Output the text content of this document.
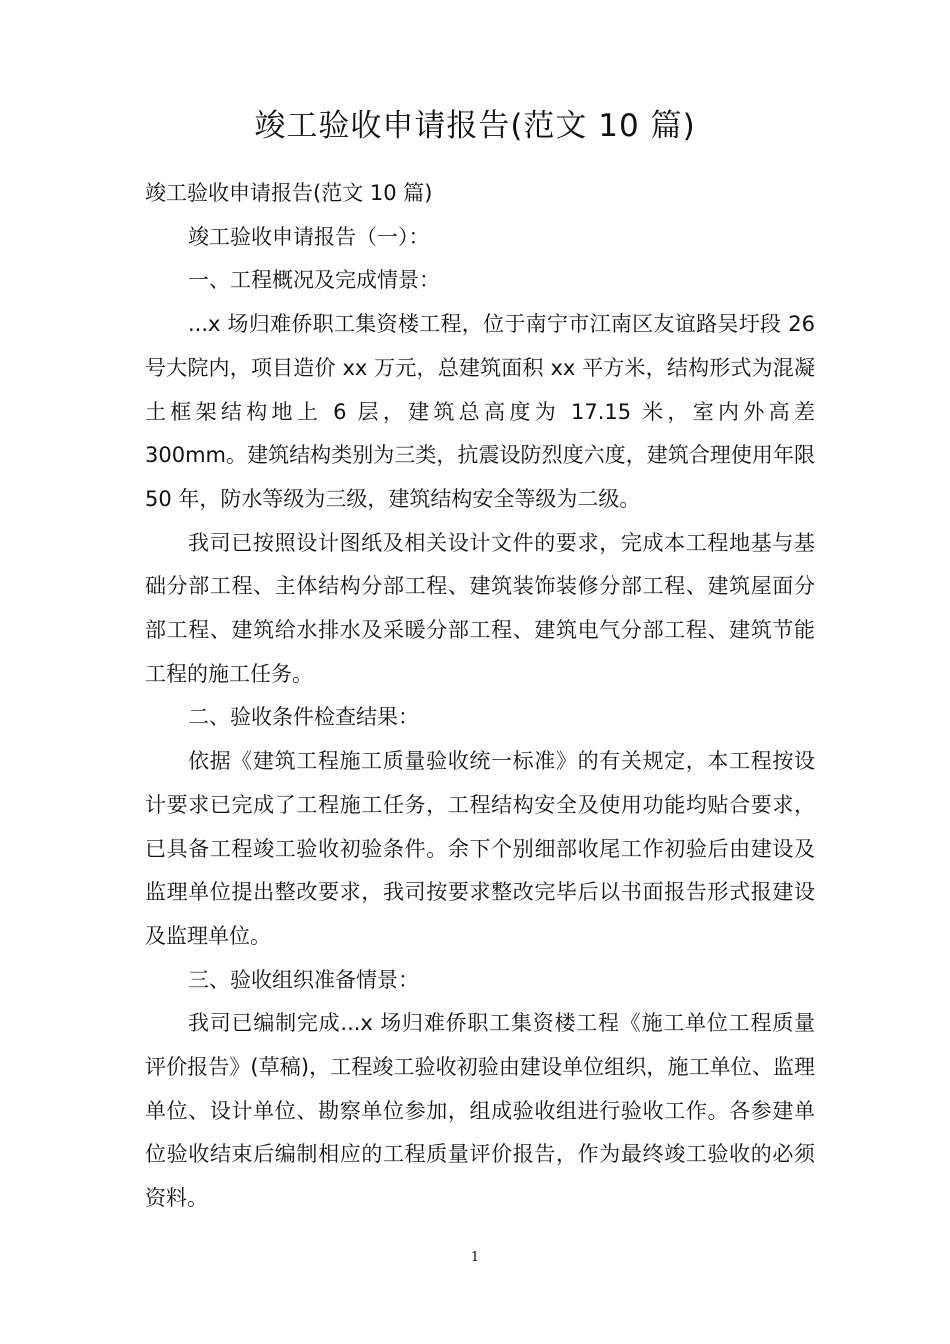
竣工验收申请报告(范文 10 篇)

竣工验收申请报告(范文 10 篇)

竣工验收申请报告（一）：

一、工程概况及完成情景：

...x 场归难侨职工集资楼工程，位于南宁市江南区友谊路吴圩段 26 号大院内，项目造价 xx 万元，总建筑面积 xx 平方米，结构形式为混凝土框架结构地上 6 层，建筑总高度为 17.15 米，室内外高差 300mm。建筑结构类别为三类，抗震设防烈度六度，建筑合理使用年限 50 年，防水等级为三级，建筑结构安全等级为二级。

我司已按照设计图纸及相关设计文件的要求，完成本工程地基与基础分部工程、主体结构分部工程、建筑装饰装修分部工程、建筑屋面分部工程、建筑给水排水及采暖分部工程、建筑电气分部工程、建筑节能工程的施工任务。

二、验收条件检查结果：

依据《建筑工程施工质量验收统一标准》的有关规定，本工程按设计要求已完成了工程施工任务，工程结构安全及使用功能均贴合要求，已具备工程竣工验收初验条件。余下个别细部收尾工作初验后由建设及监理单位提出整改要求，我司按要求整改完毕后以书面报告形式报建设及监理单位。

三、验收组织准备情景：

我司已编制完成...x 场归难侨职工集资楼工程《施工单位工程质量评价报告》(草稿)，工程竣工验收初验由建设单位组织，施工单位、监理单位、设计单位、勘察单位参加，组成验收组进行验收工作。各参建单位验收结束后编制相应的工程质量评价报告，作为最终竣工验收的必须资料。

1
